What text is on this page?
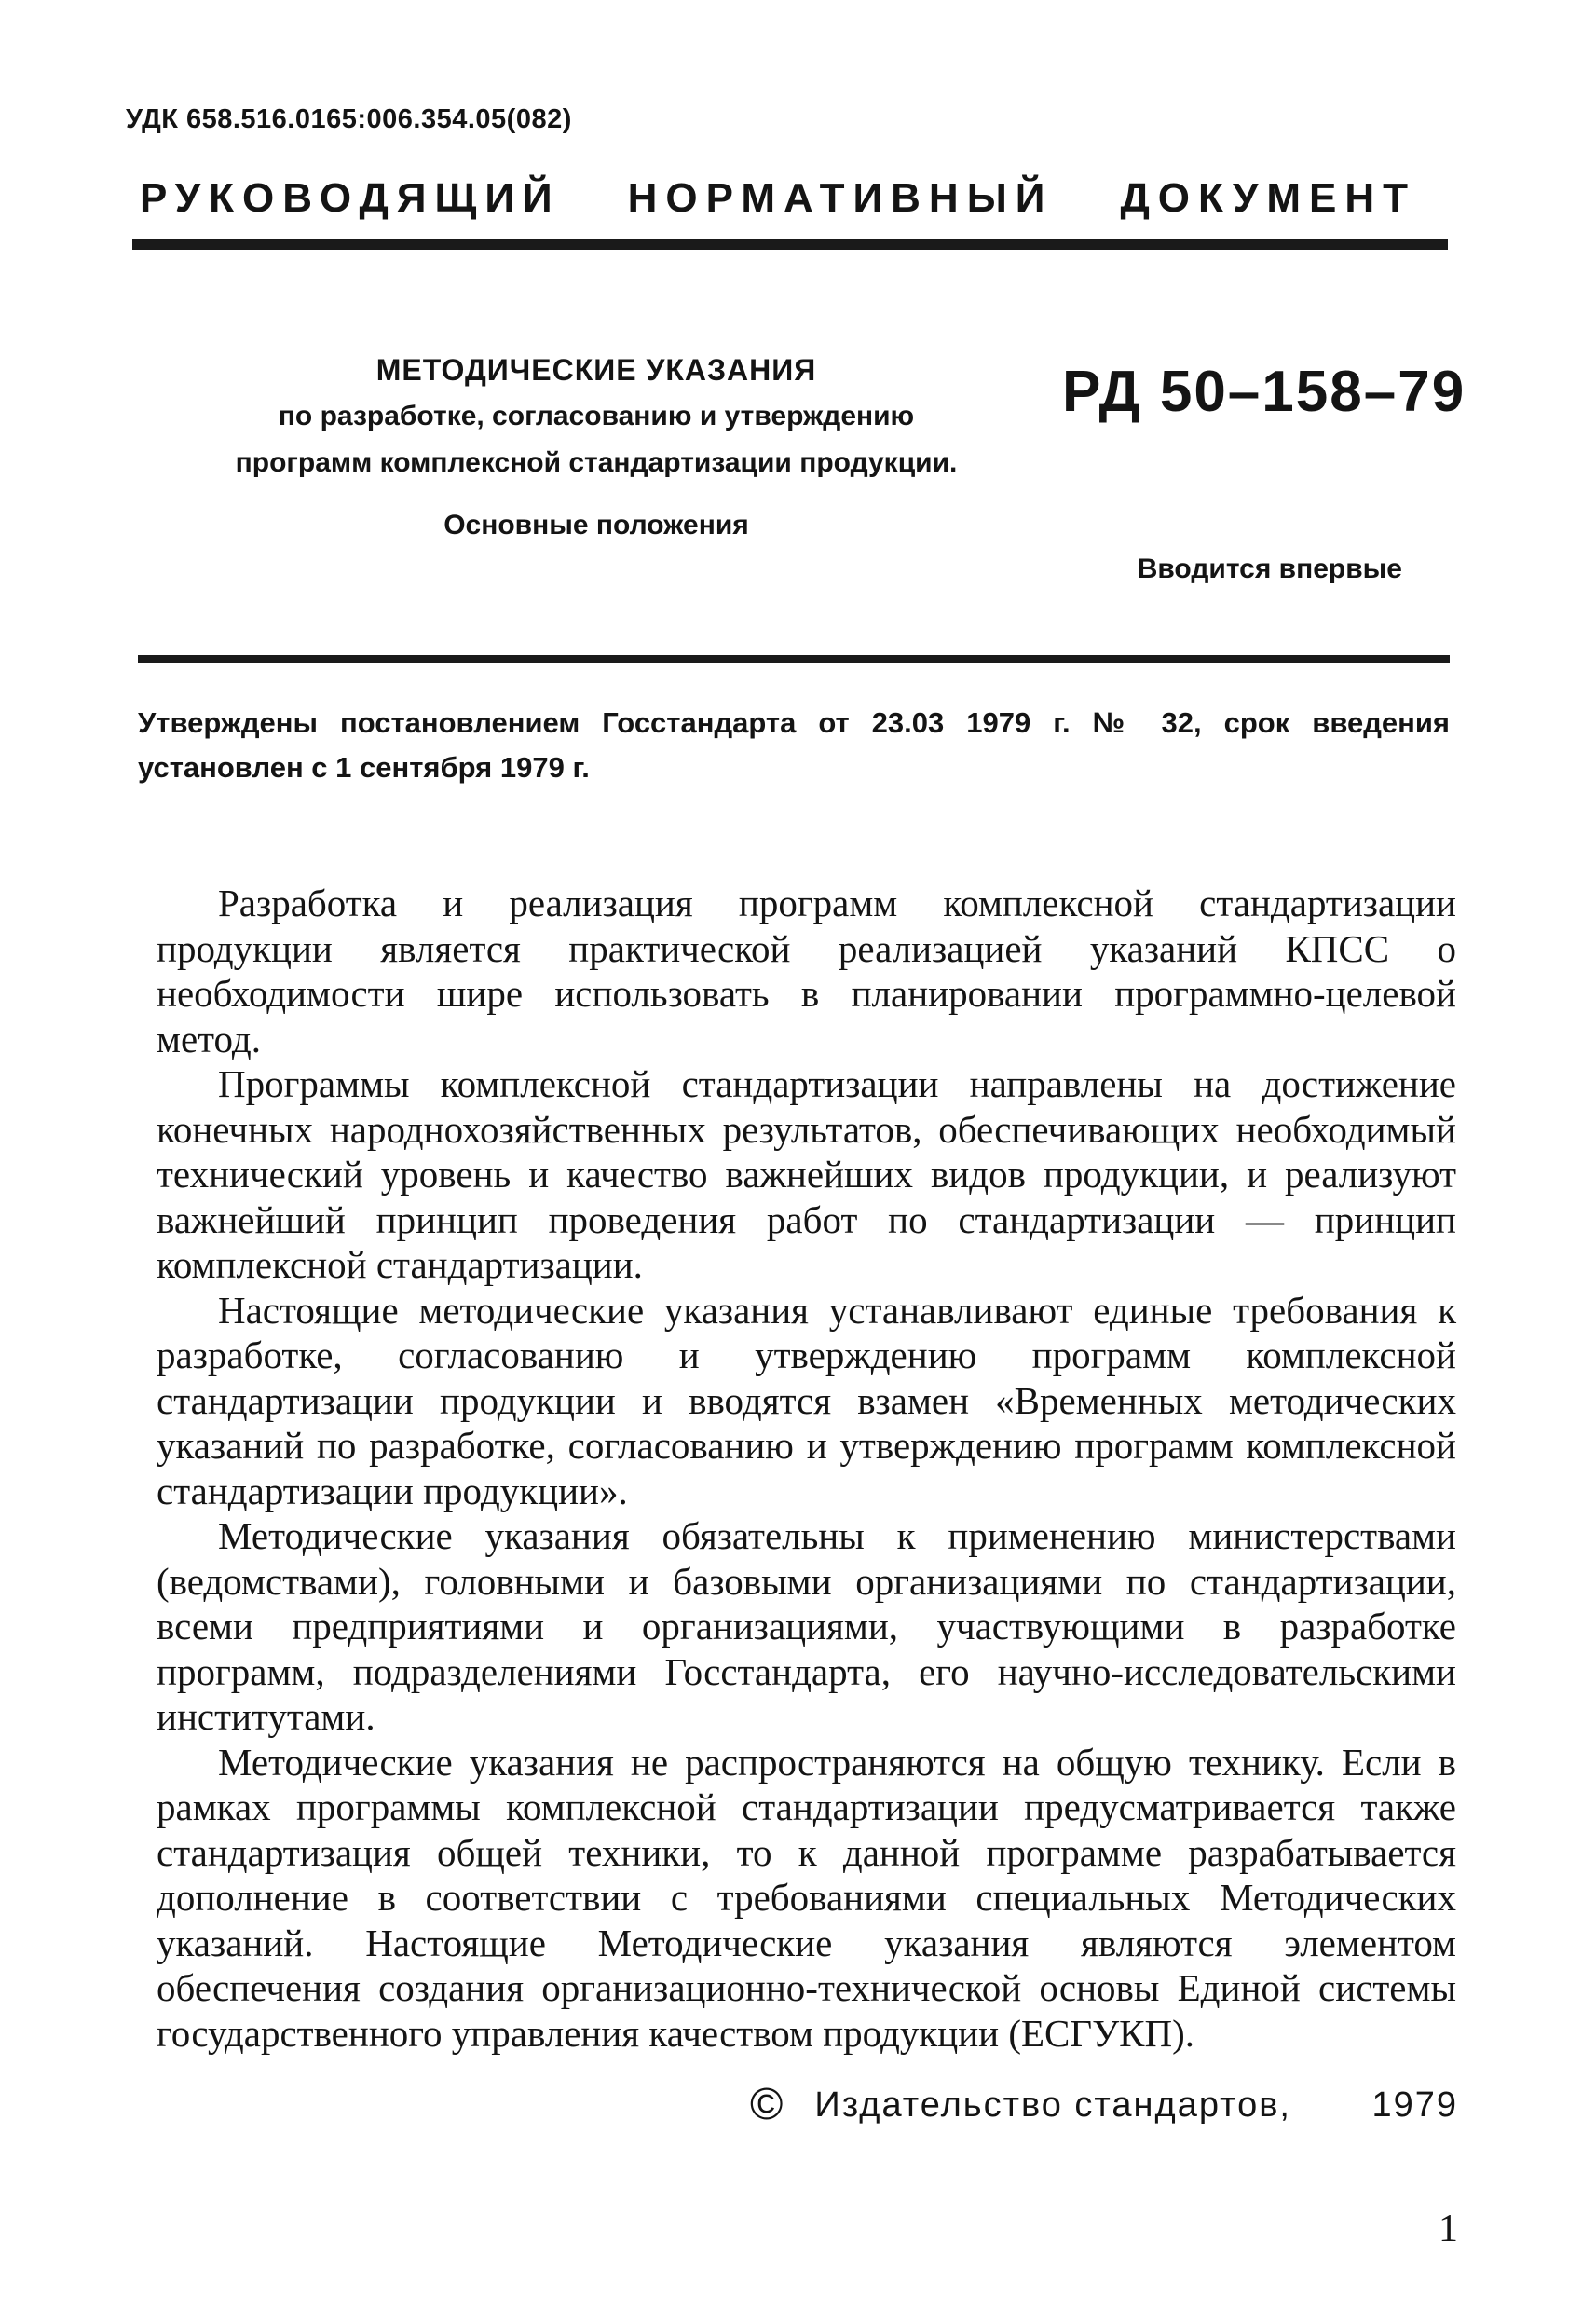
УДК 658.516.0165:006.354.05(082)
РУКОВОДЯЩИЙ НОРМАТИВНЫЙ ДОКУМЕНТ
МЕТОДИЧЕСКИЕ УКАЗАНИЯ
по разработке, согласованию и утверждению
программ комплексной стандартизации продукции.
РД 50–158–79
Основные положения
Вводится впервые
Утверждены постановлением Госстандарта от 23.03 1979 г. № 32, срок введения установлен с 1 сентября 1979 г.

Разработка и реализация программ комплексной стандартизации продукции является практической реализацией указаний КПСС о необходимости шире использовать в планировании программно-целевой метод.

Программы комплексной стандартизации направлены на достижение конечных народнохозяйственных результатов, обеспечивающих необходимый технический уровень и качество важнейших видов продукции, и реализуют важнейший принцип проведения работ по стандартизации — принцип комплексной стандартизации.

Настоящие методические указания устанавливают единые требования к разработке, согласованию и утверждению программ комплексной стандартизации продукции и вводятся взамен «Временных методических указаний по разработке, согласованию и утверждению программ комплексной стандартизации продукции».

Методические указания обязательны к применению министерствами (ведомствами), головными и базовыми организациями по стандартизации, всеми предприятиями и организациями, участвующими в разработке программ, подразделениями Госстандарта, его научно-исследовательскими институтами.

Методические указания не распространяются на общую технику. Если в рамках программы комплексной стандартизации предусматривается также стандартизация общей техники, то к данной программе разрабатывается дополнение в соответствии с требованиями специальных Методических указаний. Настоящие Методические указания являются элементом обеспечения создания организационно-технической основы Единой системы государственного управления качеством продукции (ЕСГУКП).

© Издательство стандартов, 1979
1
